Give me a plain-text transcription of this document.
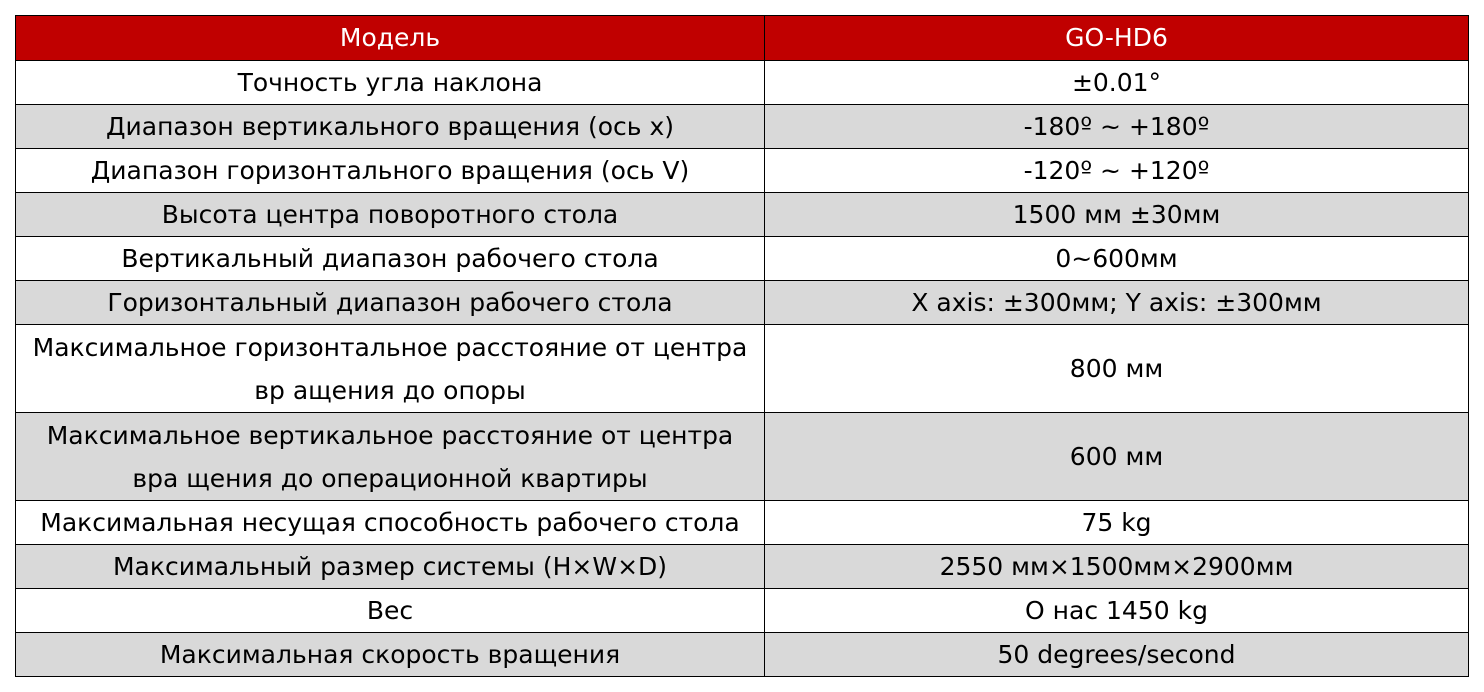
Модель	GO-HD6
Точность угла наклона	±0.01°
Диапазон вертикального вращения (ось x)	-180º ~ +180º
Диапазон горизонтального вращения (ось V)	-120º ~ +120º
Высота центра поворотного стола	1500 мм ±30мм
Вертикальный диапазон рабочего стола	0~600мм
Горизонтальный диапазон рабочего стола	X axis: ±300мм; Y axis: ±300мм
Максимальное горизонтальное расстояние от центра вр ащения до опоры	800 мм
Максимальное вертикальное расстояние от центра вра щения до операционной квартиры	600 мм
Максимальная несущая способность рабочего стола	75 kg
Максимальный размер системы (H×W×D)	2550 мм×1500мм×2900мм
Вес	О нас 1450 kg
Максимальная скорость вращения	50 degrees/second
